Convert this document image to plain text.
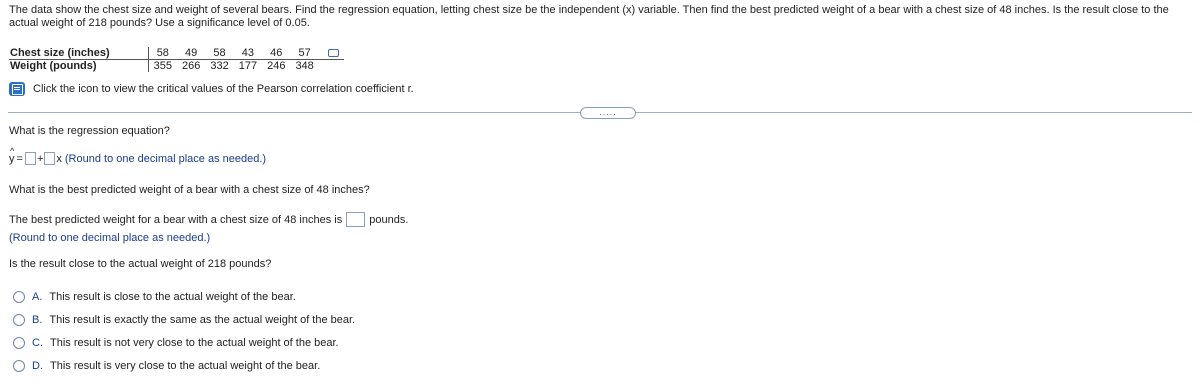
The data show the chest size and weight of several bears. Find the regression equation, letting chest size be the independent (x) variable. Then find the best predicted weight of a bear with a chest size of 48 inches. Is the result close to the actual weight of 218 pounds? Use a significance level of 0.05.
Chest size (inches)	58	49	58	43	46	57	
Weight (pounds)	355	266	332	177	246	348	
Click the icon to view the critical values of the Pearson correlation coefficient r.
.....
What is the regression equation?
^ y = + x (Round to one decimal place as needed.)
What is the best predicted weight of a bear with a chest size of 48 inches?
The best predicted weight for a bear with a chest size of 48 inches is pounds.
(Round to one decimal place as needed.)
Is the result close to the actual weight of 218 pounds?
A. This result is close to the actual weight of the bear.
B. This result is exactly the same as the actual weight of the bear.
C. This result is not very close to the actual weight of the bear.
D. This result is very close to the actual weight of the bear.
